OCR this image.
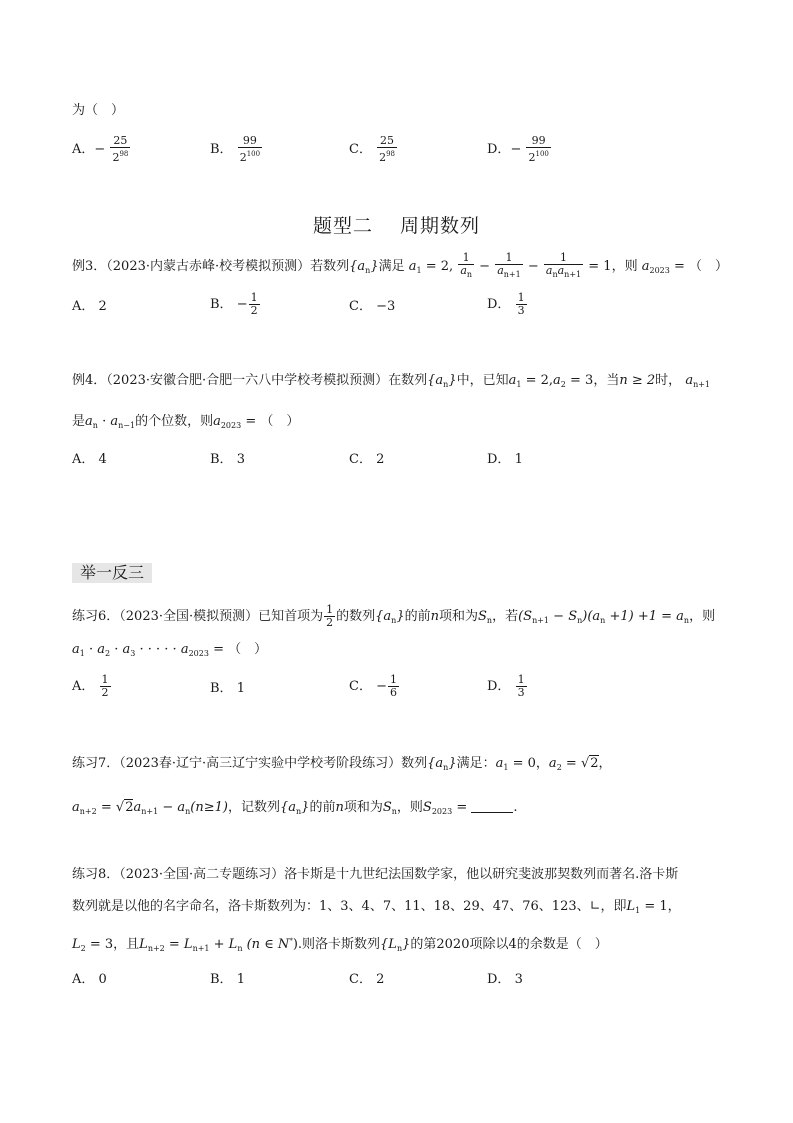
为（　）
A．− $\frac{25}{2^{98}}$	B． $\frac{99}{2^{100}}$	C． $\frac{25}{2^{98}}$	D．− $\frac{99}{2^{100}}$
题型二　 周期数列
例3．（2023·内蒙古赤峰·校考模拟预测）若数列$\{a_n\}$满足 $a_1 = 2$, $\frac{1}{a_n} - \frac{1}{a_{n+1}} - \frac{1}{a_na_{n+1}} = 1$，则 $a_{2023}$ = （　）
A． 2	B． − $\frac{1}{2}$	C． −3	D． $\frac{1}{3}$
例4．（2023·安徽合肥·合肥一六八中学校考模拟预测）在数列$\{a_n\}$中，已知$a_1 = 2,a_2 = 3$，当n ≥ 2时， $a_{n+1}$
是$a_n \cdot a_{n-1}$的个位数，则$a_{2023}$ = （　）
A． 4	B． 3	C． 2	D． 1
举一反三
练习6．（2023·全国·模拟预测）已知首项为 $\frac{1}{2}$ 的数列$\{a_n\}$的前n项和为$S_n$，若$(S_{n+1} - S_n)(a_n +1) +1 = a_n$，则
$a_1 \cdot a_2 \cdot a_3$ · · · · · $a_{2023}$ = （　）
A． $\frac{1}{2}$	B． 1	C． − $\frac{1}{6}$	D． $\frac{1}{3}$
练习7．（2023春·辽宁·高三辽宁实验中学校考阶段练习）数列$\{a_n\}$满足：$a_1 = 0$，$a_2 = √2$，
$a_{n+2} = √2a_{n+1} - a_n(n\ge 1)$，记数列$\{a_n\}$的前n项和为$S_n$，则$S_{2023}$ =	.
练习8．（2023·全国·高二专题练习）洛卡斯是十九世纪法国数学家，他以研究斐波那契数列而著名.洛卡斯
数列就是以他的名字命名，洛卡斯数列为：1、3、4、7、11、18、29、47、76、123、∟，即$L_1 = 1$，
$L_2 = 3$，且$L_{n+2} = L_{n+1} + L_n$ (n ∈ N*).则洛卡斯数列$\{L_n\}$的第2020项除以4的余数是（　）
A． 0	B． 1	C． 2	D． 3
